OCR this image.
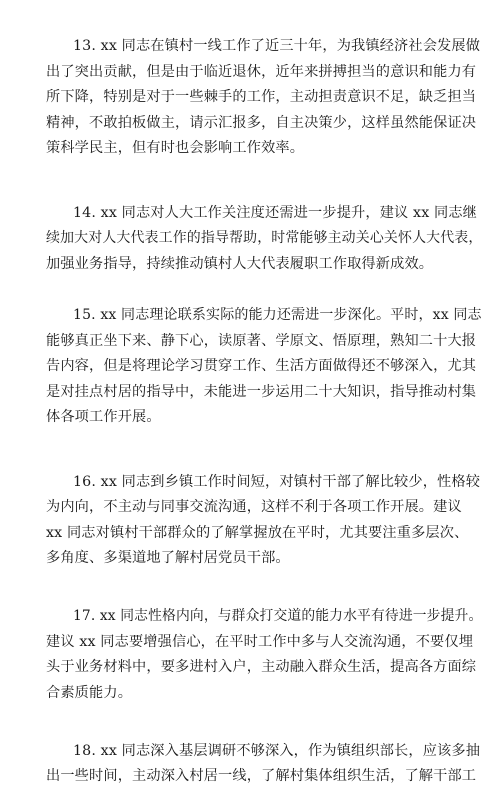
13. xx 同志在镇村一线工作了近三十年，为我镇经济社会发展做
出了突出贡献，但是由于临近退休，近年来拼搏担当的意识和能力有
所下降，特别是对于一些棘手的工作，主动担责意识不足，缺乏担当
精神，不敢拍板做主，请示汇报多，自主决策少，这样虽然能保证决
策科学民主，但有时也会影响工作效率。
14. xx 同志对人大工作关注度还需进一步提升，建议 xx 同志继
续加大对人大代表工作的指导帮助，时常能够主动关心关怀人大代表，
加强业务指导，持续推动镇村人大代表履职工作取得新成效。
15. xx 同志理论联系实际的能力还需进一步深化。平时，xx 同志
能够真正坐下来、静下心，读原著、学原文、悟原理，熟知二十大报
告内容，但是将理论学习贯穿工作、生活方面做得还不够深入，尤其
是对挂点村居的指导中，未能进一步运用二十大知识，指导推动村集
体各项工作开展。
16. xx 同志到乡镇工作时间短，对镇村干部了解比较少，性格较
为内向，不主动与同事交流沟通，这样不利于各项工作开展。建议
xx 同志对镇村干部群众的了解掌握放在平时，尤其要注重多层次、
多角度、多渠道地了解村居党员干部。
17. xx 同志性格内向，与群众打交道的能力水平有待进一步提升。
建议 xx 同志要增强信心，在平时工作中多与人交流沟通，不要仅埋
头于业务材料中，要多进村入户，主动融入群众生活，提高各方面综
合素质能力。
18. xx 同志深入基层调研不够深入，作为镇组织部长，应该多抽
出一些时间，主动深入村居一线，了解村集体组织生活，了解干部工
